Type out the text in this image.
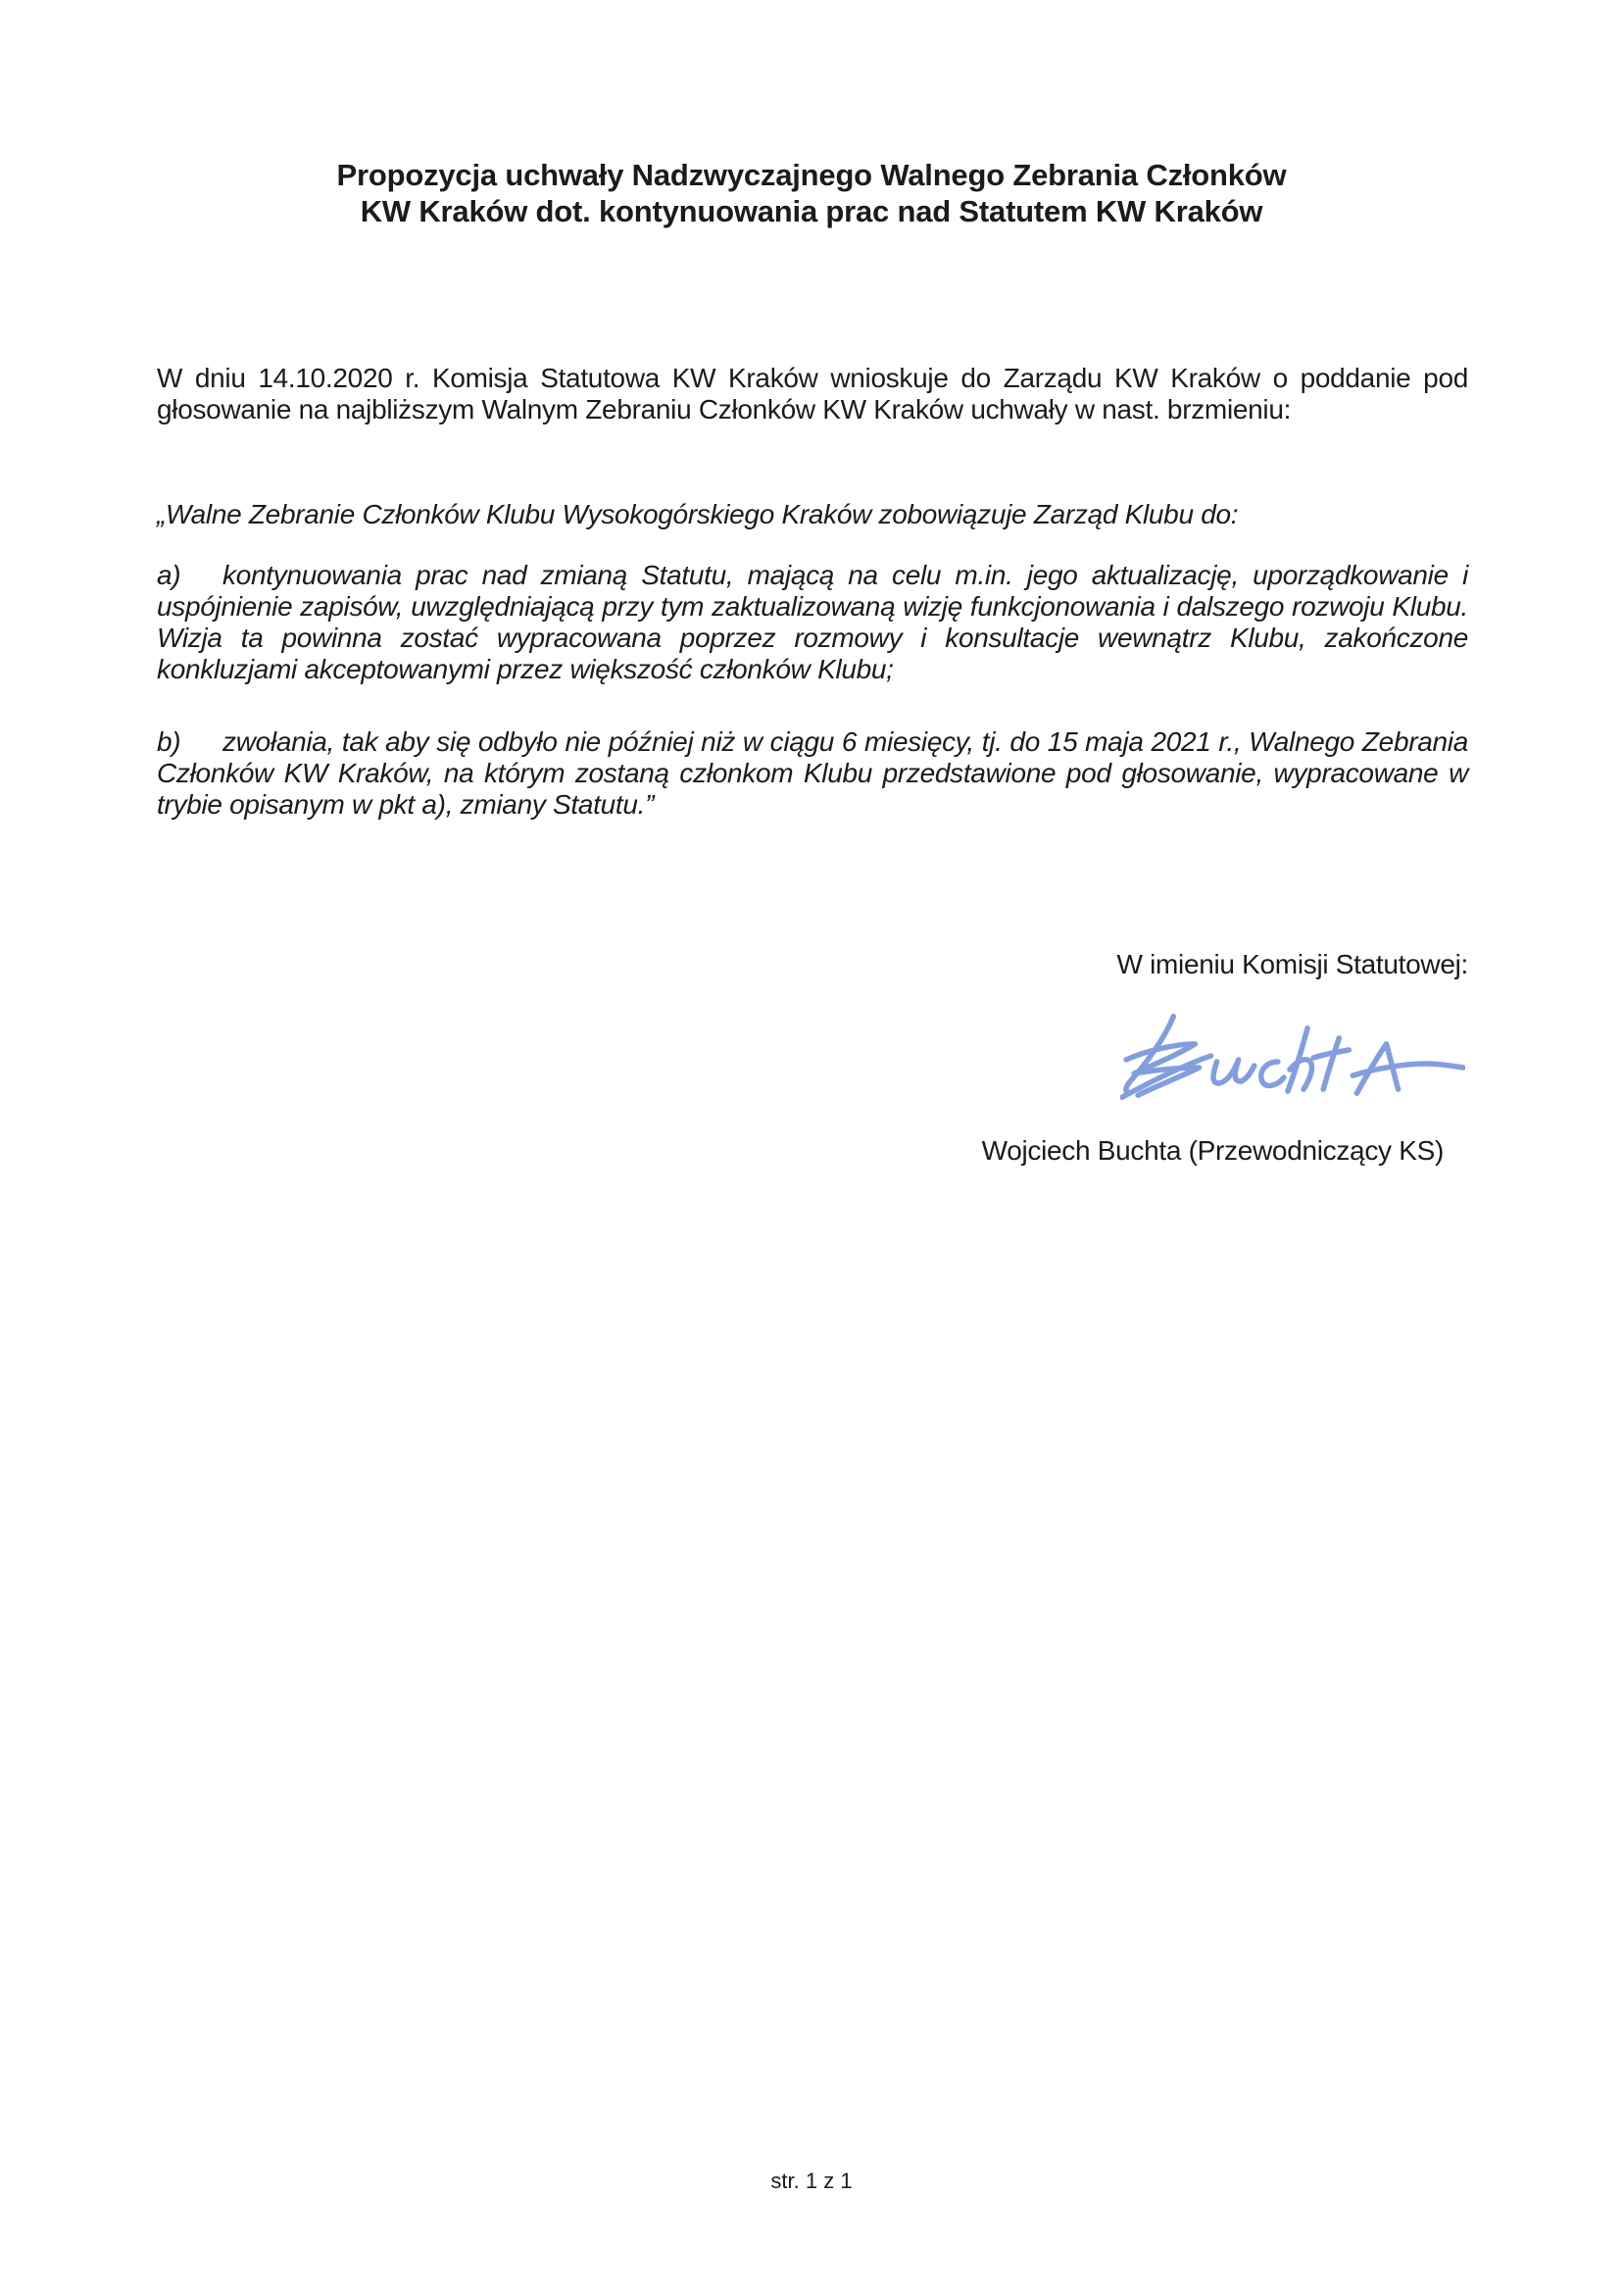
Propozycja uchwały Nadzwyczajnego Walnego Zebrania Członków
KW Kraków dot. kontynuowania prac nad Statutem KW Kraków

W dniu 14.10.2020 r. Komisja Statutowa KW Kraków wnioskuje do Zarządu KW Kraków o poddanie pod głosowanie na najbliższym Walnym Zebraniu Członków KW Kraków uchwały w nast. brzmieniu:

„Walne Zebranie Członków Klubu Wysokogórskiego Kraków zobowiązuje Zarząd Klubu do:

a) kontynuowania prac nad zmianą Statutu, mającą na celu m.in. jego aktualizację, uporządkowanie i uspójnienie zapisów, uwzględniającą przy tym zaktualizowaną wizję funkcjonowania i dalszego rozwoju Klubu. Wizja ta powinna zostać wypracowana poprzez rozmowy i konsultacje wewnątrz Klubu, zakończone konkluzjami akceptowanymi przez większość członków Klubu;

b) zwołania, tak aby się odbyło nie później niż w ciągu 6 miesięcy, tj. do 15 maja 2021 r., Walnego Zebrania Członków KW Kraków, na którym zostaną członkom Klubu przedstawione pod głosowanie, wypracowane w trybie opisanym w pkt a), zmiany Statutu.”

W imieniu Komisji Statutowej:

Wojciech Buchta (Przewodniczący KS)

str. 1 z 1
